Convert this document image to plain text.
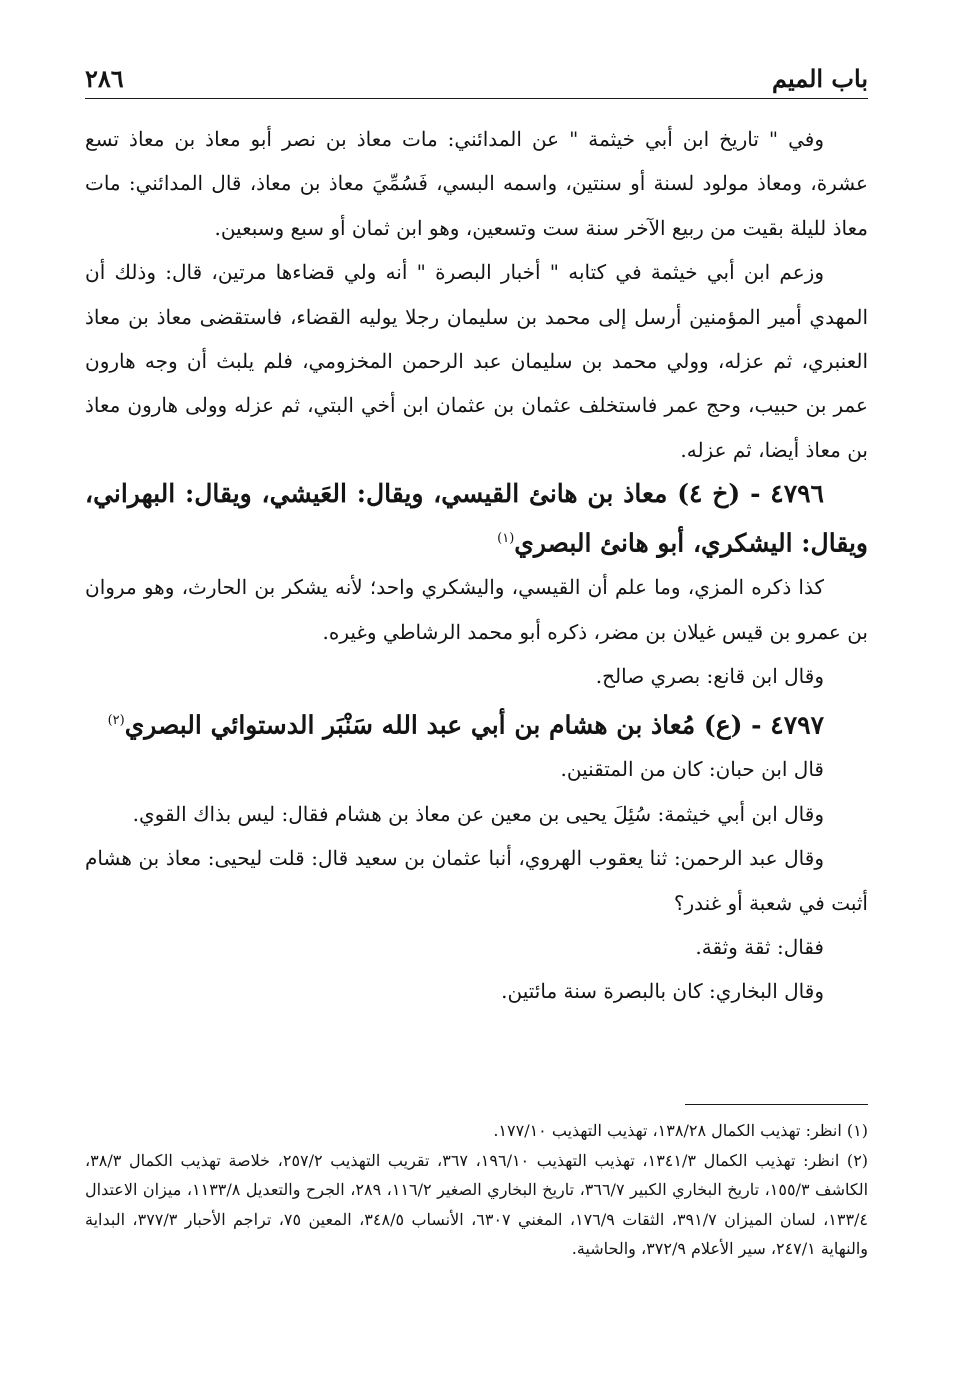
باب الميم
٢٨٦

وفي " تاريخ ابن أبي خيثمة " عن المدائني: مات معاذ بن نصر أبو معاذ بن معاذ تسع عشرة، ومعاذ مولود لسنة أو سنتين، واسمه البسي، فَسُمِّيَ معاذ بن معاذ، قال المدائني: مات معاذ لليلة بقيت من ربيع الآخر سنة ست وتسعين، وهو ابن ثمان أو سبع وسبعين.

وزعم ابن أبي خيثمة في كتابه " أخبار البصرة " أنه ولي قضاءها مرتين، قال: وذلك أن المهدي أمير المؤمنين أرسل إلى محمد بن سليمان رجلا يوليه القضاء، فاستقضى معاذ بن معاذ العنبري، ثم عزله، وولي محمد بن سليمان عبد الرحمن المخزومي، فلم يلبث أن وجه هارون عمر بن حبيب، وحج عمر فاستخلف عثمان بن عثمان ابن أخي البتي، ثم عزله وولى هارون معاذ بن معاذ أيضا، ثم عزله.

٤٧٩٦ - (خ ٤) معاذ بن هانئ القيسي، ويقال: العَيشي، ويقال: البهراني، ويقال: اليشكري، أبو هانئ البصري$^{(١)}$

كذا ذكره المزي، وما علم أن القيسي، واليشكري واحد؛ لأنه يشكر بن الحارث، وهو مروان بن عمرو بن قيس غيلان بن مضر، ذكره أبو محمد الرشاطي وغيره.

وقال ابن قانع: بصري صالح.

٤٧٩٧ - (ع) مُعاذ بن هشام بن أبي عبد الله سَنْبَر الدستوائي البصري$^{(٢)}$

قال ابن حبان: كان من المتقنين.

وقال ابن أبي خيثمة: سُئِلَ يحيى بن معين عن معاذ بن هشام فقال: ليس بذاك القوي.

وقال عبد الرحمن: ثنا يعقوب الهروي، أنبا عثمان بن سعيد قال: قلت ليحيى: معاذ بن هشام أثبت في شعبة أو غندر؟

فقال: ثقة وثقة.

وقال البخاري: كان بالبصرة سنة مائتين.

(١) انظر: تهذيب الكمال ١٣٨/٢٨، تهذيب التهذيب ١٧٧/١٠.

(٢) انظر: تهذيب الكمال ١٣٤١/٣، تهذيب التهذيب ١٩٦/١٠، ٣٦٧، تقريب التهذيب ٢٥٧/٢، خلاصة تهذيب الكمال ٣٨/٣، الكاشف ١٥٥/٣، تاريخ البخاري الكبير ٣٦٦/٧، تاريخ البخاري الصغير ١١٦/٢، ٢٨٩، الجرح والتعديل ١١٣٣/٨، ميزان الاعتدال ١٣٣/٤، لسان الميزان ٣٩١/٧، الثقات ١٧٦/٩، المغني ٦٣٠٧، الأنساب ٣٤٨/٥، المعين ٧٥، تراجم الأحبار ٣٧٧/٣، البداية والنهاية ٢٤٧/١، سير الأعلام ٣٧٢/٩، والحاشية.
